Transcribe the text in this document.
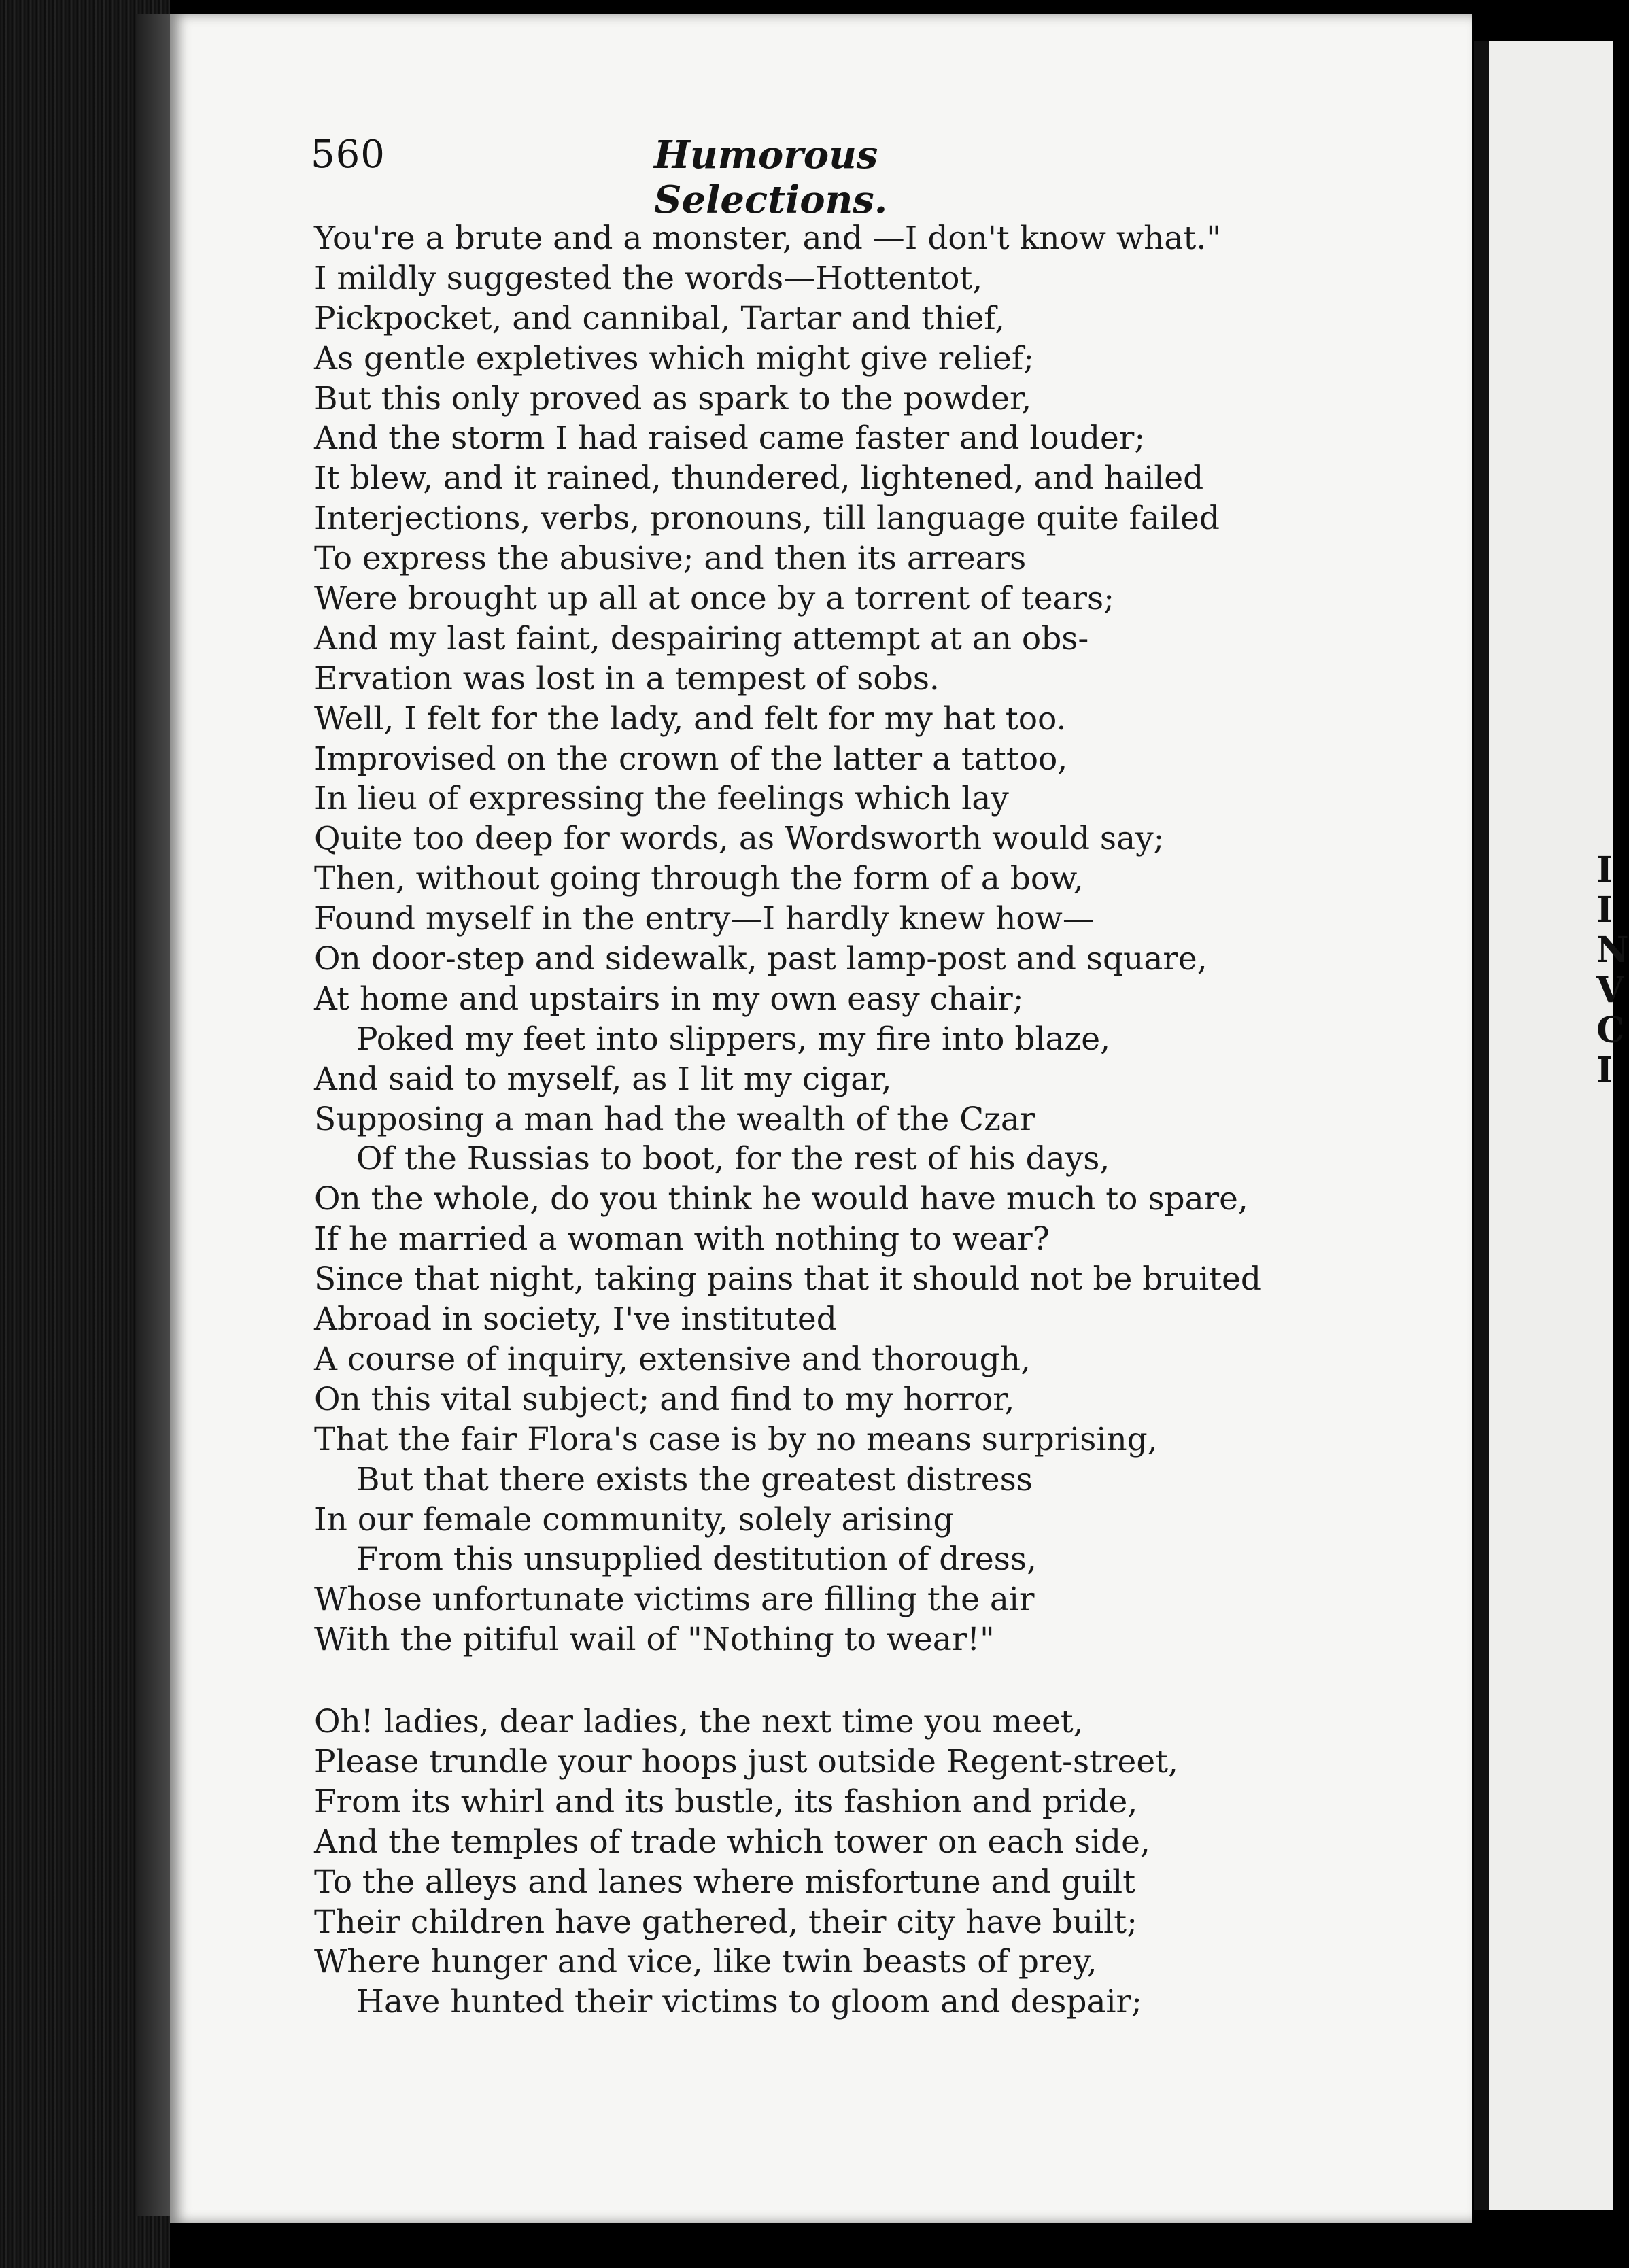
I
I
N
V
C
I
560	Humorous Selections.
You're a brute and a monster, and —I don't know what."
I mildly suggested the words—Hottentot,
Pickpocket, and cannibal, Tartar and thief,
As gentle expletives which might give relief;
But this only proved as spark to the powder,
And the storm I had raised came faster and louder;
It blew, and it rained, thundered, lightened, and hailed
Interjections, verbs, pronouns, till language quite failed
To express the abusive; and then its arrears
Were brought up all at once by a torrent of tears;
And my last faint, despairing attempt at an obs-
Ervation was lost in a tempest of sobs.
Well, I felt for the lady, and felt for my hat too.
Improvised on the crown of the latter a tattoo,
In lieu of expressing the feelings which lay
Quite too deep for words, as Wordsworth would say;
Then, without going through the form of a bow,
Found myself in the entry—I hardly knew how—
On door-step and sidewalk, past lamp-post and square,
At home and upstairs in my own easy chair;
Poked my feet into slippers, my fire into blaze,
And said to myself, as I lit my cigar,
Supposing a man had the wealth of the Czar
Of the Russias to boot, for the rest of his days,
On the whole, do you think he would have much to spare,
If he married a woman with nothing to wear?
Since that night, taking pains that it should not be bruited
Abroad in society, I've instituted
A course of inquiry, extensive and thorough,
On this vital subject; and find to my horror,
That the fair Flora's case is by no means surprising,
But that there exists the greatest distress
In our female community, solely arising
From this unsupplied destitution of dress,
Whose unfortunate victims are filling the air
With the pitiful wail of "Nothing to wear!"
Oh! ladies, dear ladies, the next time you meet,
Please trundle your hoops just outside Regent-street,
From its whirl and its bustle, its fashion and pride,
And the temples of trade which tower on each side,
To the alleys and lanes where misfortune and guilt
Their children have gathered, their city have built;
Where hunger and vice, like twin beasts of prey,
Have hunted their victims to gloom and despair;
